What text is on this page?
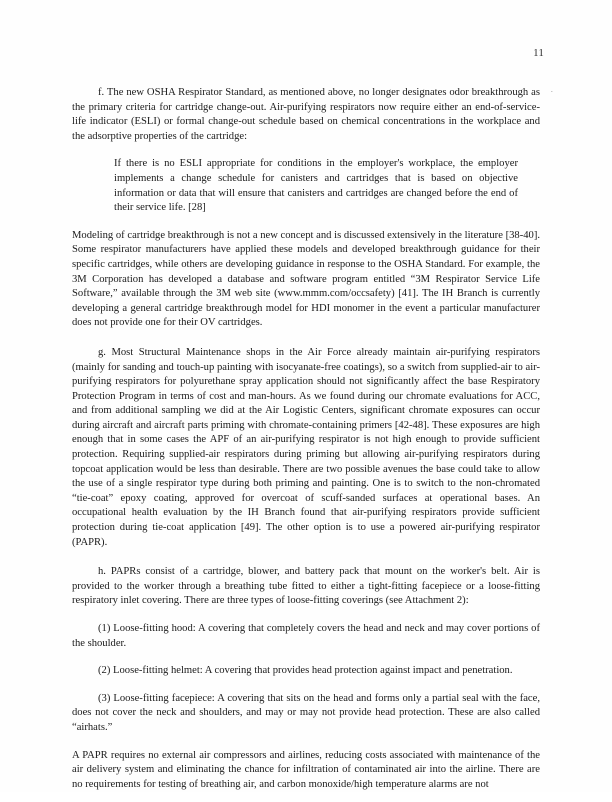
11
.

f. The new OSHA Respirator Standard, as mentioned above, no longer designates odor breakthrough as the primary criteria for cartridge change-out. Air-purifying respirators now require either an end-of-service-life indicator (ESLI) or formal change-out schedule based on chemical concentrations in the workplace and the adsorptive properties of the cartridge:

If there is no ESLI appropriate for conditions in the employer's workplace, the employer implements a change schedule for canisters and cartridges that is based on objective information or data that will ensure that canisters and cartridges are changed before the end of their service life. [28]

Modeling of cartridge breakthrough is not a new concept and is discussed extensively in the literature [38-40]. Some respirator manufacturers have applied these models and developed breakthrough guidance for their specific cartridges, while others are developing guidance in response to the OSHA Standard. For example, the 3M Corporation has developed a database and software program entitled “3M Respirator Service Life Software,” available through the 3M web site (www.mmm.com/occsafety) [41]. The IH Branch is currently developing a general cartridge breakthrough model for HDI monomer in the event a particular manufacturer does not provide one for their OV cartridges.

g. Most Structural Maintenance shops in the Air Force already maintain air-purifying respirators (mainly for sanding and touch-up painting with isocyanate-free coatings), so a switch from supplied-air to air-purifying respirators for polyurethane spray application should not significantly affect the base Respiratory Protection Program in terms of cost and man-hours. As we found during our chromate evaluations for ACC, and from additional sampling we did at the Air Logistic Centers, significant chromate exposures can occur during aircraft and aircraft parts priming with chromate-containing primers [42-48]. These exposures are high enough that in some cases the APF of an air-purifying respirator is not high enough to provide sufficient protection. Requiring supplied-air respirators during priming but allowing air-purifying respirators during topcoat application would be less than desirable. There are two possible avenues the base could take to allow the use of a single respirator type during both priming and painting. One is to switch to the non-chromated “tie-coat” epoxy coating, approved for overcoat of scuff-sanded surfaces at operational bases. An occupational health evaluation by the IH Branch found that air-purifying respirators provide sufficient protection during tie-coat application [49]. The other option is to use a powered air-purifying respirator (PAPR).

h. PAPRs consist of a cartridge, blower, and battery pack that mount on the worker's belt. Air is provided to the worker through a breathing tube fitted to either a tight-fitting facepiece or a loose-fitting respiratory inlet covering. There are three types of loose-fitting coverings (see Attachment 2):

(1) Loose-fitting hood: A covering that completely covers the head and neck and may cover portions of the shoulder.

(2) Loose-fitting helmet: A covering that provides head protection against impact and penetration.

(3) Loose-fitting facepiece: A covering that sits on the head and forms only a partial seal with the face, does not cover the neck and shoulders, and may or may not provide head protection. These are also called “airhats.”

A PAPR requires no external air compressors and airlines, reducing costs associated with maintenance of the air delivery system and eliminating the chance for infiltration of contaminated air into the airline. There are no requirements for testing of breathing air, and carbon monoxide/high temperature alarms are not
